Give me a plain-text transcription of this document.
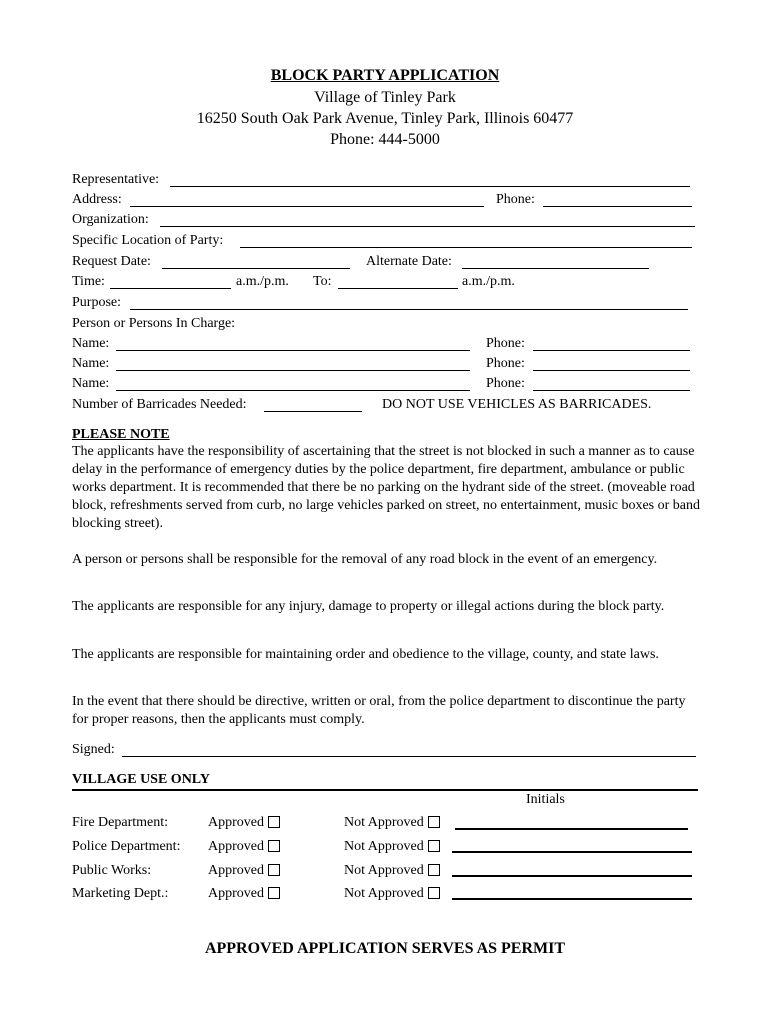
BLOCK PARTY APPLICATION
Village of Tinley Park
16250 South Oak Park Avenue, Tinley Park, Illinois 60477
Phone: 444-5000
Representative:
Address:	Phone:
Organization:
Specific Location of Party:
Request Date:	Alternate Date:
Time:	a.m./p.m. To:	a.m./p.m.
Purpose:
Person or Persons In Charge:
Name:	Phone:
Name:	Phone:
Name:	Phone:
Number of Barricades Needed:	DO NOT USE VEHICLES AS BARRICADES.
PLEASE NOTE
The applicants have the responsibility of ascertaining that the street is not blocked in such a manner as to cause delay in the performance of emergency duties by the police department, fire department, ambulance or public works department. It is recommended that there be no parking on the hydrant side of the street. (moveable road block, refreshments served from curb, no large vehicles parked on street, no entertainment, music boxes or band blocking street).
A person or persons shall be responsible for the removal of any road block in the event of an emergency.
The applicants are responsible for any injury, damage to property or illegal actions during the block party.
The applicants are responsible for maintaining order and obedience to the village, county, and state laws.
In the event that there should be directive, written or oral, from the police department to discontinue the party for proper reasons, then the applicants must comply.
Signed:
VILLAGE USE ONLY
Initials
Fire Department:	Approved	Not Approved
Police Department: Approved	Not Approved
Public Works:	Approved	Not Approved
Marketing Dept.:	Approved	Not Approved
APPROVED APPLICATION SERVES AS PERMIT
